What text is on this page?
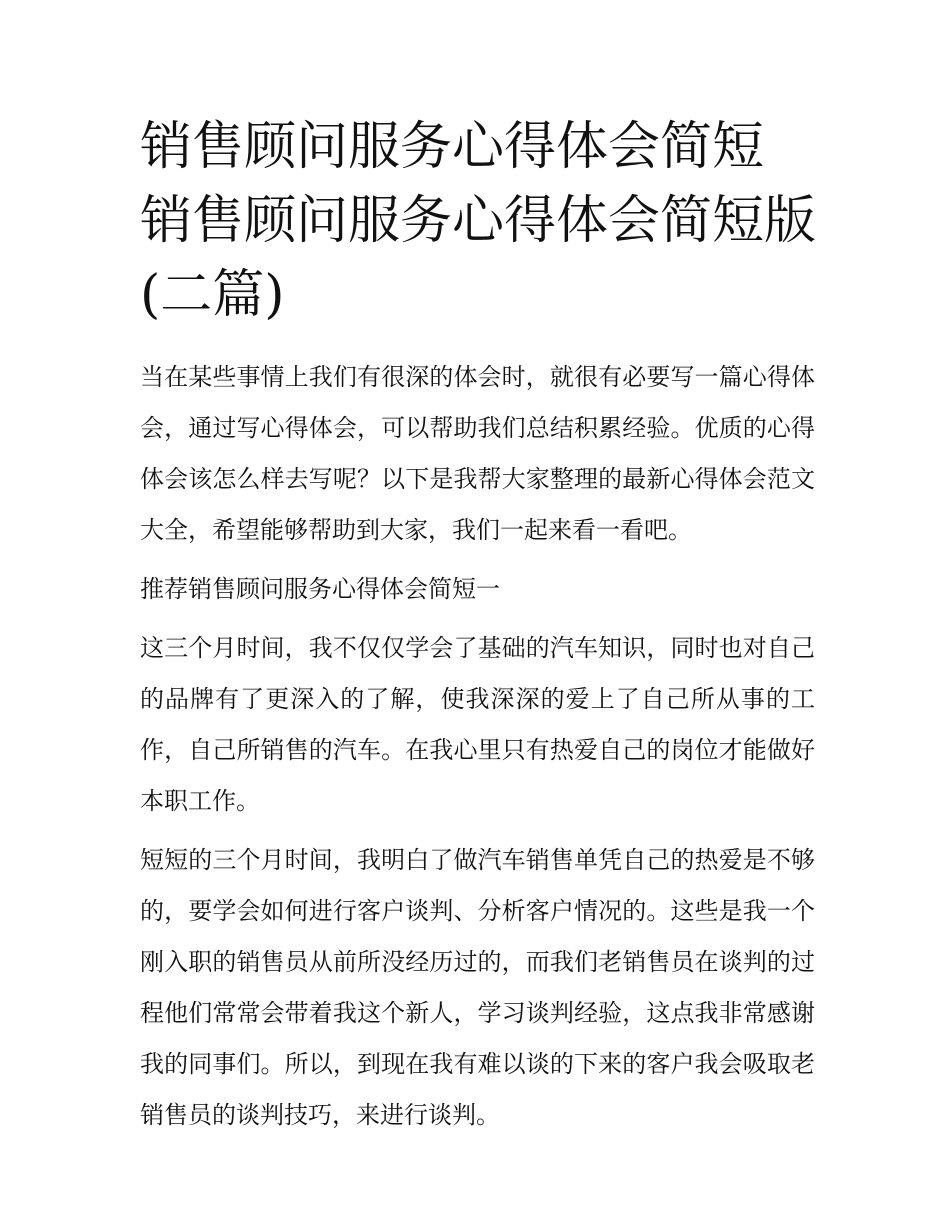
销售顾问服务心得体会简短 销售顾问服务心得体会简短版(二篇)

当在某些事情上我们有很深的体会时，就很有必要写一篇心得体会，通过写心得体会，可以帮助我们总结积累经验。优质的心得体会该怎么样去写呢？以下是我帮大家整理的最新心得体会范文大全，希望能够帮助到大家，我们一起来看一看吧。

推荐销售顾问服务心得体会简短一

这三个月时间，我不仅仅学会了基础的汽车知识，同时也对自己的品牌有了更深入的了解，使我深深的爱上了自己所从事的工作，自己所销售的汽车。在我心里只有热爱自己的岗位才能做好本职工作。

短短的三个月时间，我明白了做汽车销售单凭自己的热爱是不够的，要学会如何进行客户谈判、分析客户情况的。这些是我一个刚入职的销售员从前所没经历过的，而我们老销售员在谈判的过程他们常常会带着我这个新人，学习谈判经验，这点我非常感谢我的同事们。所以，到现在我有难以谈的下来的客户我会吸取老销售员的谈判技巧，来进行谈判。
